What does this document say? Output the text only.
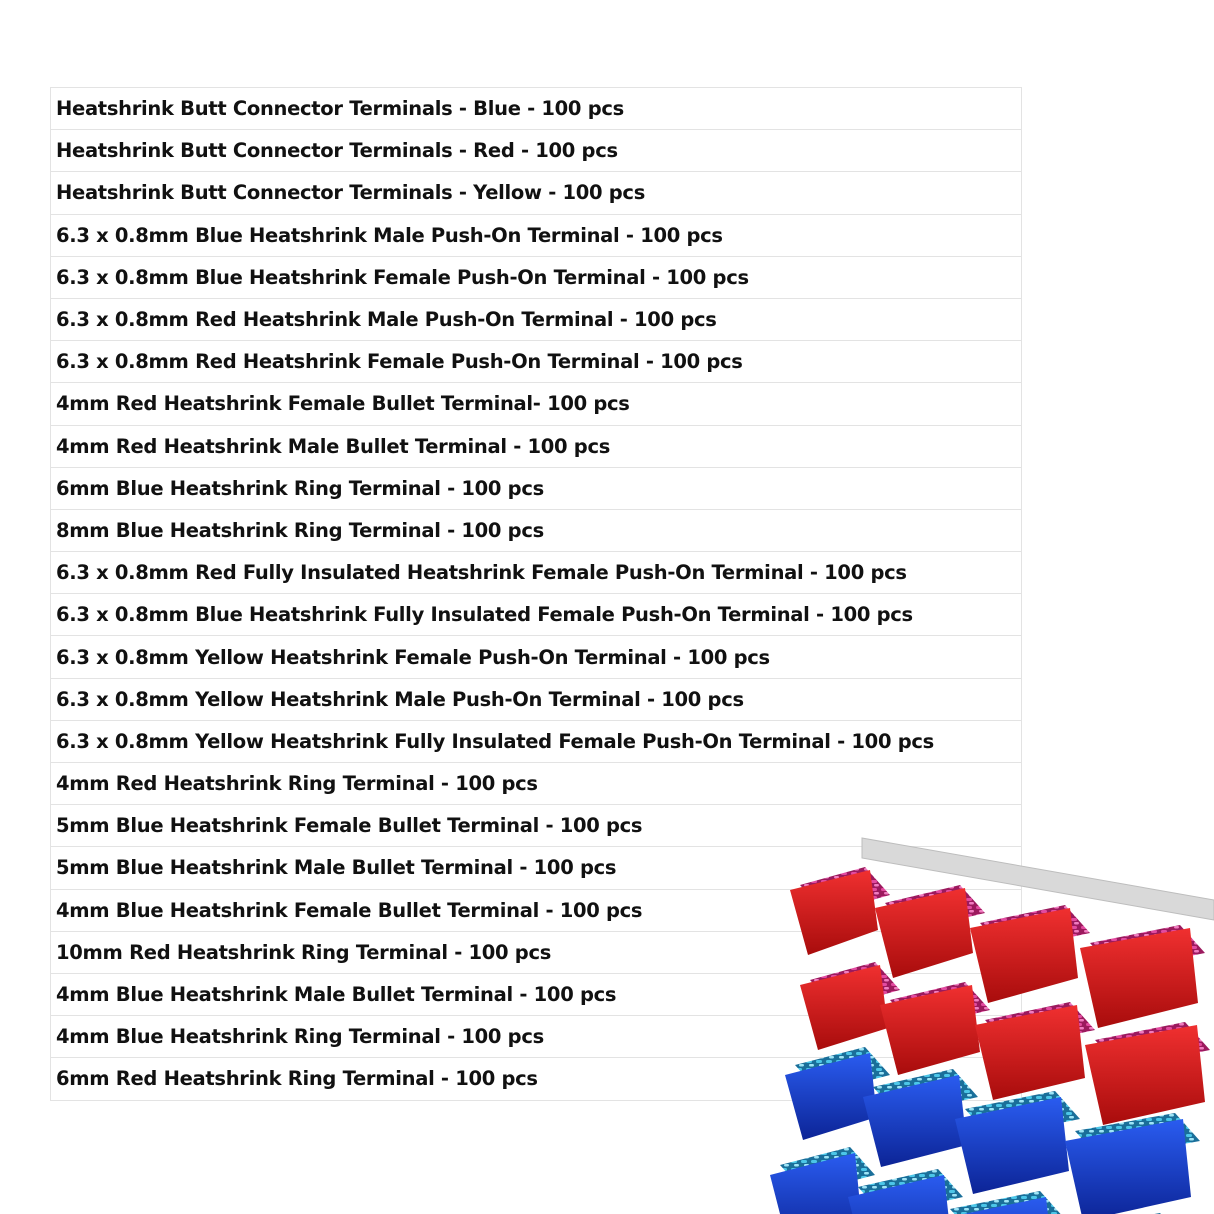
Heatshrink Butt Connector Terminals - Blue - 100 pcs
Heatshrink Butt Connector Terminals - Red - 100 pcs
Heatshrink Butt Connector Terminals - Yellow - 100 pcs
6.3 x 0.8mm Blue Heatshrink Male Push-On Terminal - 100 pcs
6.3 x 0.8mm Blue Heatshrink Female Push-On Terminal - 100 pcs
6.3 x 0.8mm Red Heatshrink Male Push-On Terminal - 100 pcs
6.3 x 0.8mm Red Heatshrink Female Push-On Terminal - 100 pcs
4mm Red Heatshrink Female Bullet Terminal- 100 pcs
4mm Red Heatshrink Male Bullet Terminal - 100 pcs
6mm Blue Heatshrink Ring Terminal - 100 pcs
8mm Blue Heatshrink Ring Terminal - 100 pcs
6.3 x 0.8mm Red Fully Insulated Heatshrink Female Push-On Terminal - 100 pcs
6.3 x 0.8mm Blue Heatshrink Fully Insulated Female Push-On Terminal - 100 pcs
6.3 x 0.8mm Yellow Heatshrink Female Push-On Terminal - 100 pcs
6.3 x 0.8mm Yellow Heatshrink Male Push-On Terminal - 100 pcs
6.3 x 0.8mm Yellow Heatshrink Fully Insulated Female Push-On Terminal - 100 pcs
4mm Red Heatshrink Ring Terminal - 100 pcs
5mm Blue Heatshrink Female Bullet Terminal - 100 pcs
5mm Blue Heatshrink Male Bullet Terminal - 100 pcs
4mm Blue Heatshrink Female Bullet Terminal - 100 pcs
10mm Red Heatshrink Ring Terminal - 100 pcs
4mm Blue Heatshrink Male Bullet Terminal - 100 pcs
4mm Blue Heatshrink Ring Terminal - 100 pcs
6mm Red Heatshrink Ring Terminal - 100 pcs
